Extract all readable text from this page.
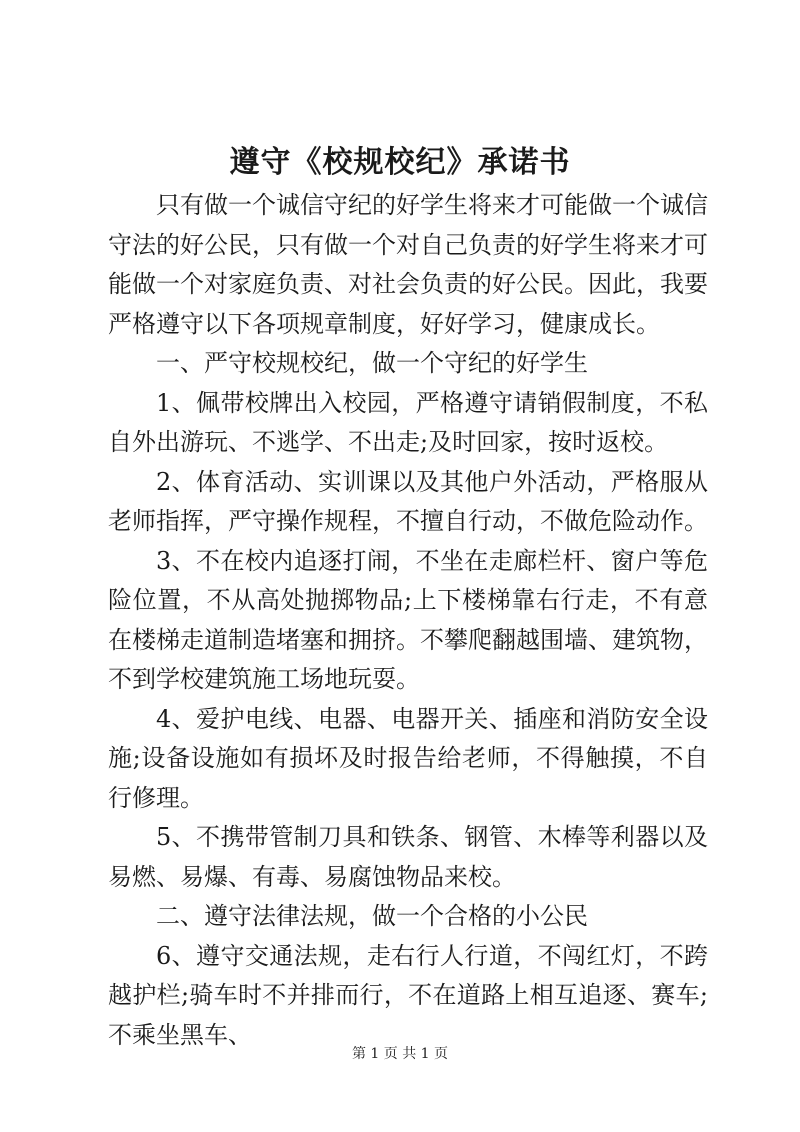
遵守《校规校纪》承诺书

只有做一个诚信守纪的好学生将来才可能做一个诚信守法的好公民，只有做一个对自己负责的好学生将来才可能做一个对家庭负责、对社会负责的好公民。因此，我要严格遵守以下各项规章制度，好好学习，健康成长。

一、严守校规校纪，做一个守纪的好学生

1、佩带校牌出入校园，严格遵守请销假制度，不私自外出游玩、不逃学、不出走;及时回家，按时返校。

2、体育活动、实训课以及其他户外活动，严格服从老师指挥，严守操作规程，不擅自行动，不做危险动作。

3、不在校内追逐打闹，不坐在走廊栏杆、窗户等危险位置，不从高处抛掷物品;上下楼梯靠右行走，不有意在楼梯走道制造堵塞和拥挤。不攀爬翻越围墙、建筑物，不到学校建筑施工场地玩耍。

4、爱护电线、电器、电器开关、插座和消防安全设施;设备设施如有损坏及时报告给老师，不得触摸，不自行修理。

5、不携带管制刀具和铁条、钢管、木棒等利器以及易燃、易爆、有毒、易腐蚀物品来校。

二、遵守法律法规，做一个合格的小公民

6、遵守交通法规，走右行人行道，不闯红灯，不跨越护栏;骑车时不并排而行，不在道路上相互追逐、赛车;不乘坐黑车、

第 1 页 共 1 页
